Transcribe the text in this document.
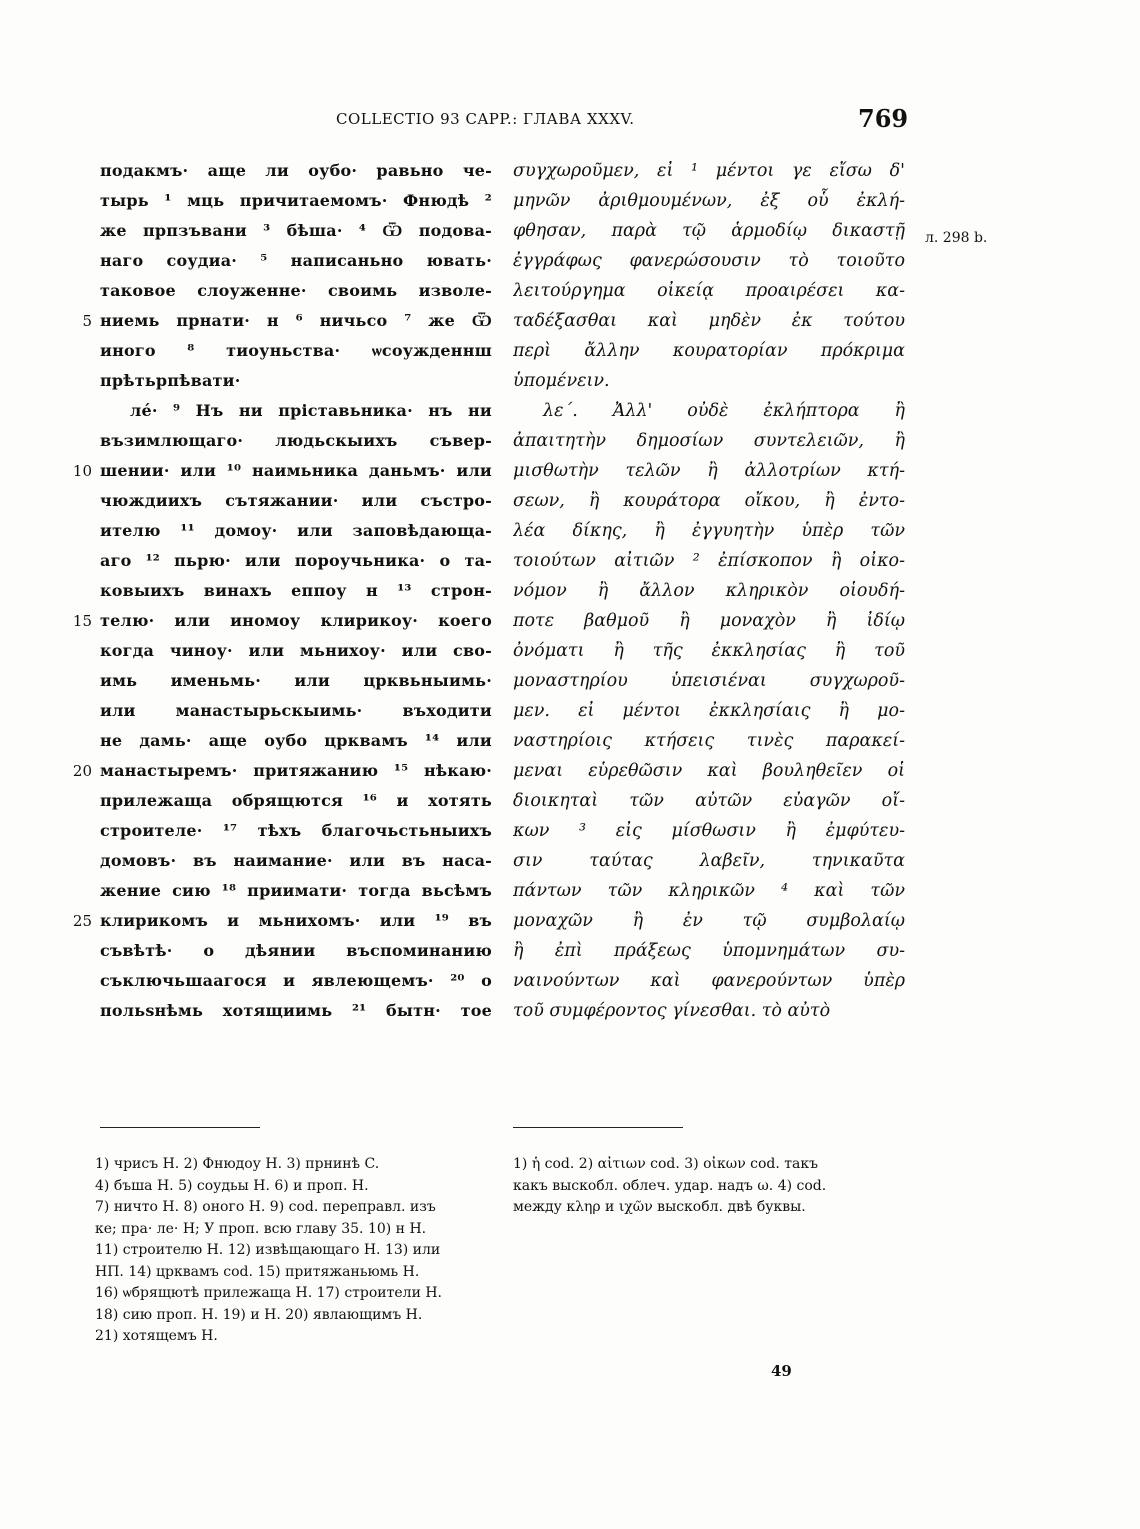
COLLECTIO 93 CAPP.: ГЛАВА XXXV.	769
л. 298 b.
5
10
15
20
25
подакмъ· аще ли оубо· равьно че-
тырь ¹ мць причитаемомъ· Фнюдѣ ²
же прпзъвани ³ бѣша· ⁴ Ѿ подова-
наго соудиа· ⁵ написаньно ювать·
таковое слоуженне· своимь изволе-
ниемь прнати· н ⁶ ничьсо ⁷ же Ѿ
иного ⁸ тиоуньства· ѡсоужденнш
прѣтьрпѣвати·
ле́· ⁹ Нъ ни пріставьника· нъ ни
възимлющаго· людьскыихъ съвер-
шении· или ¹⁰ наимьника даньмъ· или
чюждиихъ сътяжании· или състро-
ителю ¹¹ домоу· или заповѣдающа-
аго ¹² пьрю· или пороучьника· о та-
ковыихъ винахъ еппоу н ¹³ строн-
телю· или иномоу клирикоу· коего
когда чиноу· или мьнихоу· или сво-
имь именьмь· или црквьныимь·
или манастырьскыимь· въходити
не дамь· аще оубо црквамъ ¹⁴ или
манастыремъ· притяжанию ¹⁵ нѣкаю·
прилежаща обрящются ¹⁶ и хотять
строителе· ¹⁷ тѣхъ благочьстьныихъ
домовъ· въ наимание· или въ наса-
жение сию ¹⁸ приимати· тогда вьсѣмъ
клирикомъ и мьнихомъ· или ¹⁹ въ
съвѣтѣ· о дѣянии въспоминанию
съключьшаагося и явлеющемъ· ²⁰ о
польѕнѣмь хотящиимь ²¹ бытн· тое
συγχωροῦμεν, εἰ ¹ μέντοι γε εἴσω δ'
μηνῶν ἀριθμουμένων, ἐξ οὗ ἐκλή-
φθησαν, παρὰ τῷ ἁρμοδίῳ δικαστῇ
ἐγγράφως φανερώσουσιν τὸ τοιοῦτο
λειτούργημα οἰκείᾳ προαιρέσει κα-
ταδέξασθαι καὶ μηδὲν ἐκ τούτου
περὶ ἄλλην κουρατορίαν πρόκριμα
ὑπομένειν.
λε΄. Ἀλλ' οὐδὲ ἐκλήπτορα ἢ
ἀπαιτητὴν δημοσίων συντελειῶν, ἢ
μισθωτὴν τελῶν ἢ ἀλλοτρίων κτή-
σεων, ἢ κουράτορα οἴκου, ἢ ἐντο-
λέα δίκης, ἢ ἐγγυητὴν ὑπὲρ τῶν
τοιούτων αἰτιῶν ² ἐπίσκοπον ἢ οἰκο-
νόμον ἢ ἄλλον κληρικὸν οἱουδή-
ποτε βαθμοῦ ἢ μοναχὸν ἢ ἰδίῳ
ὀνόματι ἢ τῆς ἐκκλησίας ἢ τοῦ
μοναστηρίου ὑπεισιέναι συγχωροῦ-
μεν. εἰ μέντοι ἐκκλησίαις ἢ μο-
ναστηρίοις κτήσεις τινὲς παρακεί-
μεναι εὑρεθῶσιν καὶ βουληθεῖεν οἱ
διοικηταὶ τῶν αὐτῶν εὐαγῶν οἴ-
κων ³ εἰς μίσθωσιν ἢ ἐμφύτευ-
σιν ταύτας λαβεῖν, τηνικαῦτα
πάντων τῶν κληρικῶν ⁴ καὶ τῶν
μοναχῶν ἢ ἐν τῷ συμβολαίῳ
ἢ ἐπὶ πράξεως ὑπομνημάτων συ-
ναινούντων καὶ φανερούντων ὑπὲρ
τοῦ συμφέροντος γίνεσθαι. τὸ αὐτὸ
1) чрисъ H. 2) Фнюдоу H. 3) прнинѣ C.
4) бъша H. 5) соудьы H. 6) и проп. H.
7) ничто H. 8) оного H. 9) cod. переправл. изъ
ке; пра· ле· H; У проп. всю главу 35. 10) н H.
11) строителю H. 12) извѣщающаго H. 13) или
НП. 14) црквамъ cod. 15) притяжаньюмь H.
16) ѡбрящютѣ прилежаща H. 17) строители H.
18) сию проп. H. 19) и H. 20) явлающимъ H.
21) хотящемъ H.
1) ἡ cod. 2) αἰτιων cod. 3) οἰκων cod. такъ
какъ выскобл. облеч. удар. надъ ω. 4) cod.
между κληρ и ιχῶν выскобл. двѣ буквы.
49
